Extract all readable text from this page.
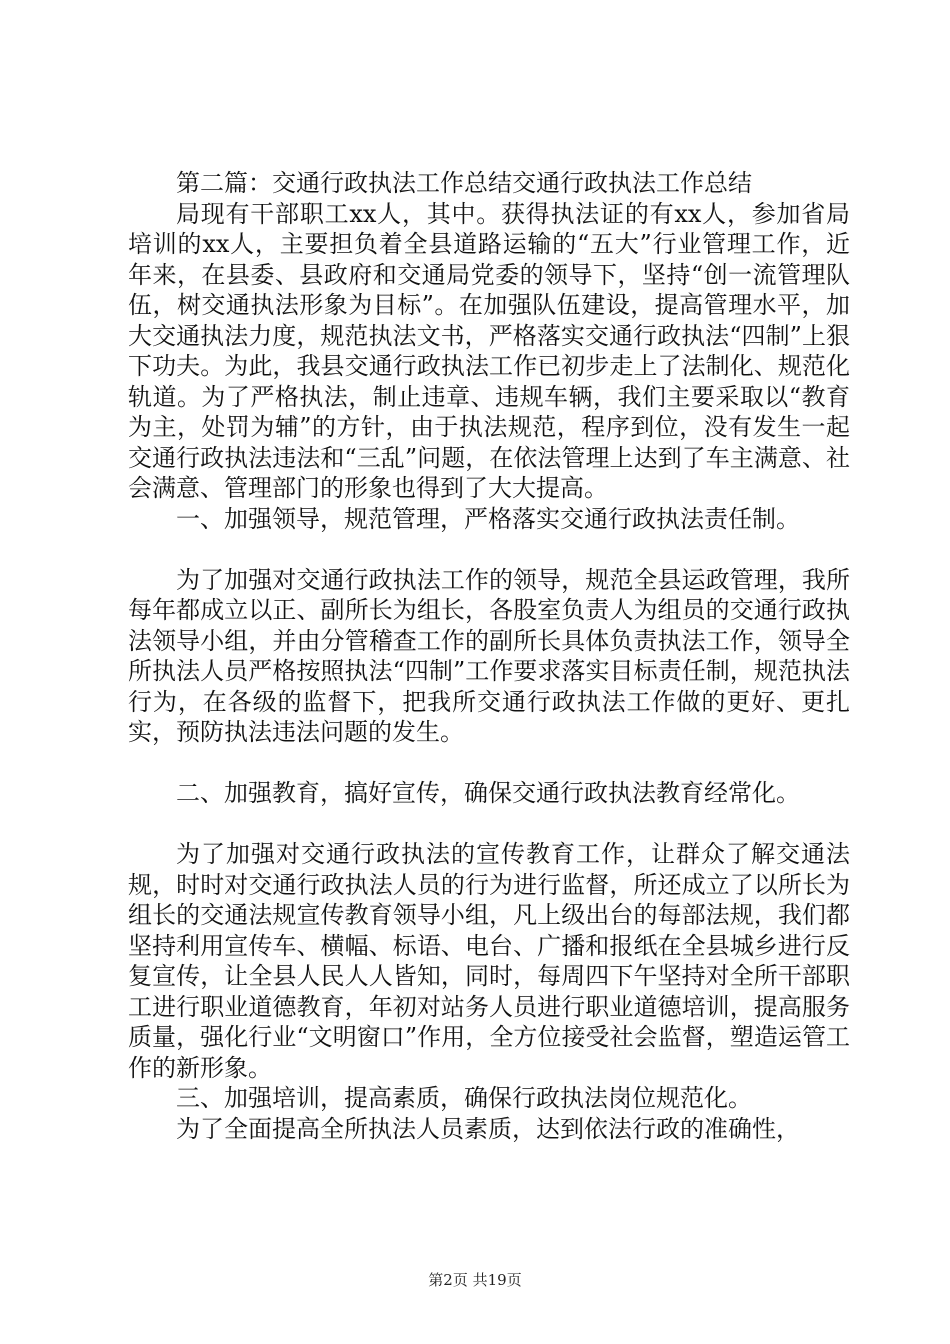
第二篇：交通行政执法工作总结交通行政执法工作总结

局现有干部职工xx人，其中。获得执法证的有xx人，参加省局培训的xx人，主要担负着全县道路运输的“五大”行业管理工作，近年来，在县委、县政府和交通局党委的领导下，坚持“创一流管理队伍，树交通执法形象为目标”。在加强队伍建设，提高管理水平，加大交通执法力度，规范执法文书，严格落实交通行政执法“四制”上狠下功夫。为此，我县交通行政执法工作已初步走上了法制化、规范化轨道。为了严格执法，制止违章、违规车辆，我们主要采取以“教育为主，处罚为辅”的方针，由于执法规范，程序到位，没有发生一起交通行政执法违法和“三乱”问题，在依法管理上达到了车主满意、社会满意、管理部门的形象也得到了大大提高。

一、加强领导，规范管理，严格落实交通行政执法责任制。

为了加强对交通行政执法工作的领导，规范全县运政管理，我所每年都成立以正、副所长为组长，各股室负责人为组员的交通行政执法领导小组，并由分管稽查工作的副所长具体负责执法工作，领导全所执法人员严格按照执法“四制”工作要求落实目标责任制，规范执法行为，在各级的监督下，把我所交通行政执法工作做的更好、更扎实，预防执法违法问题的发生。

二、加强教育，搞好宣传，确保交通行政执法教育经常化。

为了加强对交通行政执法的宣传教育工作，让群众了解交通法规，时时对交通行政执法人员的行为进行监督，所还成立了以所长为组长的交通法规宣传教育领导小组，凡上级出台的每部法规，我们都坚持利用宣传车、横幅、标语、电台、广播和报纸在全县城乡进行反复宣传，让全县人民人人皆知，同时，每周四下午坚持对全所干部职工进行职业道德教育，年初对站务人员进行职业道德培训，提高服务质量，强化行业“文明窗口”作用，全方位接受社会监督，塑造运管工作的新形象。

三、加强培训，提高素质，确保行政执法岗位规范化。

为了全面提高全所执法人员素质，达到依法行政的准确性，

第2页 共19页
